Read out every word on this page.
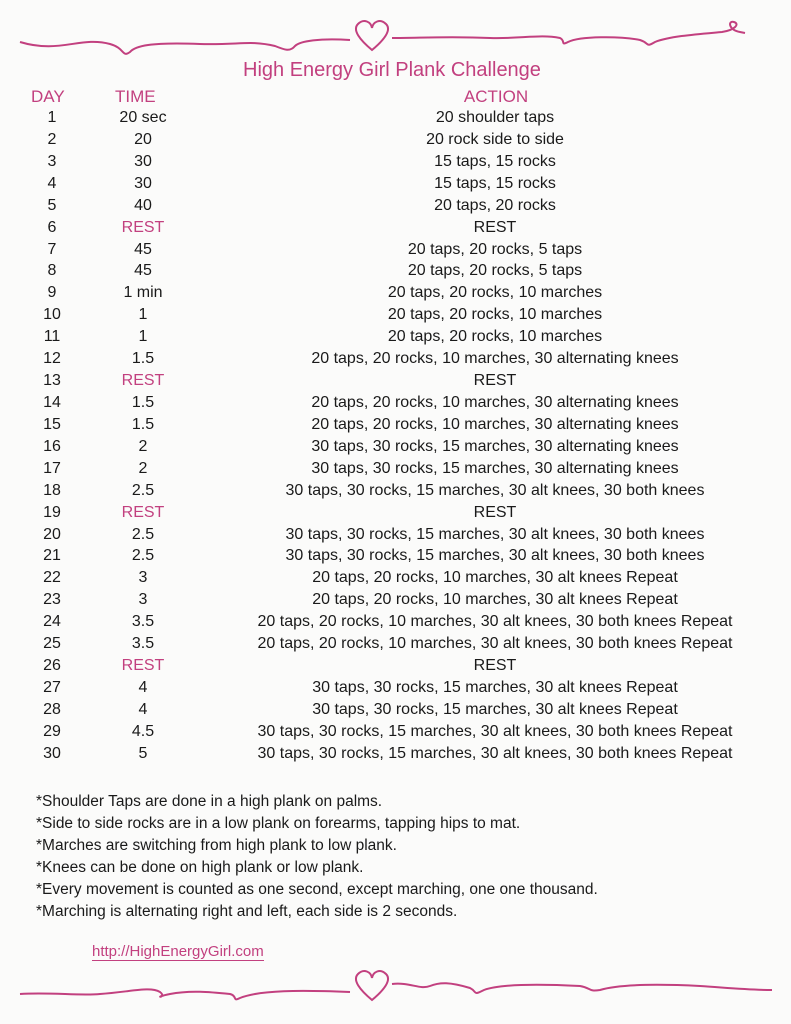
High Energy Girl Plank Challenge
DAY	TIME	ACTION
1	20 sec	20 shoulder taps
2	20	20 rock side to side
3	30	15 taps, 15 rocks
4	30	15 taps, 15 rocks
5	40	20 taps, 20 rocks
6	REST	REST
7	45	20 taps, 20 rocks, 5 taps
8	45	20 taps, 20 rocks, 5 taps
9	1 min	20 taps, 20 rocks, 10 marches
10	1	20 taps, 20 rocks, 10 marches
11	1	20 taps, 20 rocks, 10 marches
12	1.5	20 taps, 20 rocks, 10 marches, 30 alternating knees
13	REST	REST
14	1.5	20 taps, 20 rocks, 10 marches, 30 alternating knees
15	1.5	20 taps, 20 rocks, 10 marches, 30 alternating knees
16	2	30 taps, 30 rocks, 15 marches, 30 alternating knees
17	2	30 taps, 30 rocks, 15 marches, 30 alternating knees
18	2.5	30 taps, 30 rocks, 15 marches, 30 alt knees, 30 both knees
19	REST	REST
20	2.5	30 taps, 30 rocks, 15 marches, 30 alt knees, 30 both knees
21	2.5	30 taps, 30 rocks, 15 marches, 30 alt knees, 30 both knees
22	3	20 taps, 20 rocks, 10 marches, 30 alt knees Repeat
23	3	20 taps, 20 rocks, 10 marches, 30 alt knees Repeat
24	3.5	20 taps, 20 rocks, 10 marches, 30 alt knees, 30 both knees Repeat
25	3.5	20 taps, 20 rocks, 10 marches, 30 alt knees, 30 both knees Repeat
26	REST	REST
27	4	30 taps, 30 rocks, 15 marches, 30 alt knees Repeat
28	4	30 taps, 30 rocks, 15 marches, 30 alt knees Repeat
29	4.5	30 taps, 30 rocks, 15 marches, 30 alt knees, 30 both knees Repeat
30	5	30 taps, 30 rocks, 15 marches, 30 alt knees, 30 both knees Repeat
*Shoulder Taps are done in a high plank on palms.
*Side to side rocks are in a low plank on forearms, tapping hips to mat.
*Marches are switching from high plank to low plank.
*Knees can be done on high plank or low plank.
*Every movement is counted as one second, except marching, one one thousand.
*Marching is alternating right and left, each side is 2 seconds.
http://HighEnergyGirl.com
